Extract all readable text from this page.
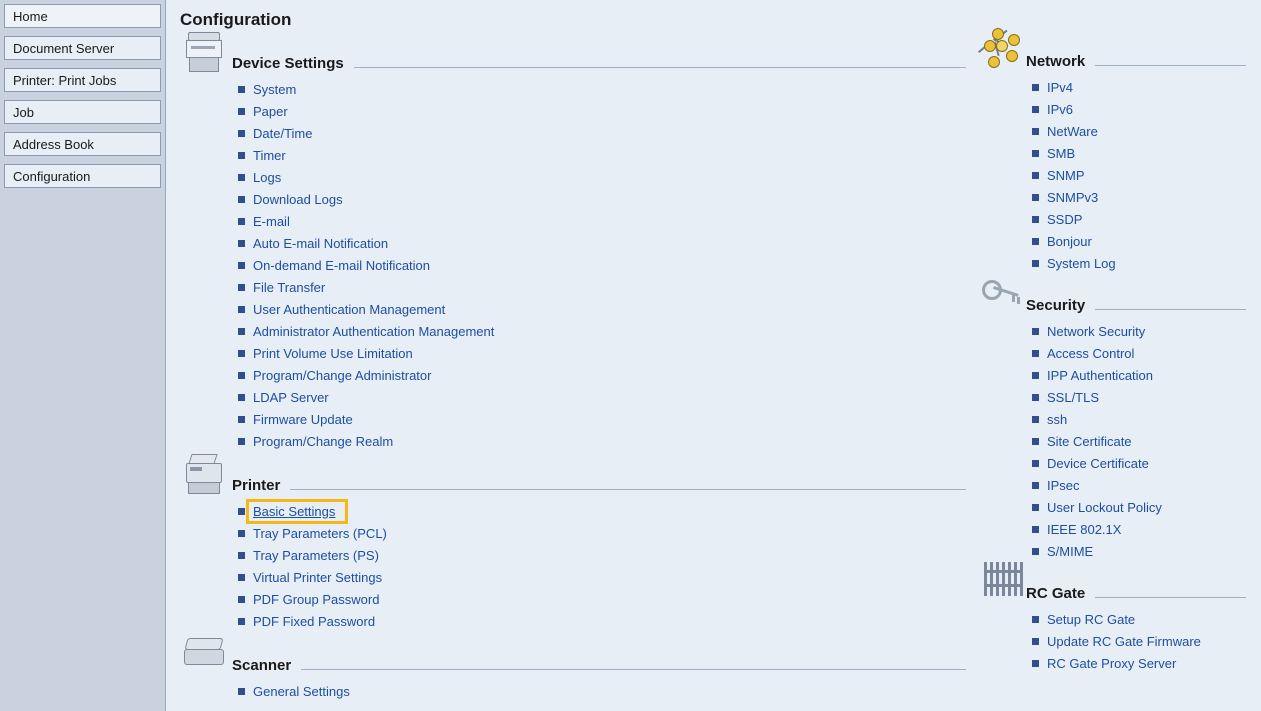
Home
Document Server
Printer: Print Jobs
Job
Address Book
Configuration
Configuration
Device Settings
System
Paper
Date/Time
Timer
Logs
Download Logs
E-mail
Auto E-mail Notification
On-demand E-mail Notification
File Transfer
User Authentication Management
Administrator Authentication Management
Print Volume Use Limitation
Program/Change Administrator
LDAP Server
Firmware Update
Program/Change Realm
Printer
Basic Settings
Tray Parameters (PCL)
Tray Parameters (PS)
Virtual Printer Settings
PDF Group Password
PDF Fixed Password
Scanner
General Settings
Network
IPv4
IPv6
NetWare
SMB
SNMP
SNMPv3
SSDP
Bonjour
System Log
Security
Network Security
Access Control
IPP Authentication
SSL/TLS
ssh
Site Certificate
Device Certificate
IPsec
User Lockout Policy
IEEE 802.1X
S/MIME
RC Gate
Setup RC Gate
Update RC Gate Firmware
RC Gate Proxy Server
